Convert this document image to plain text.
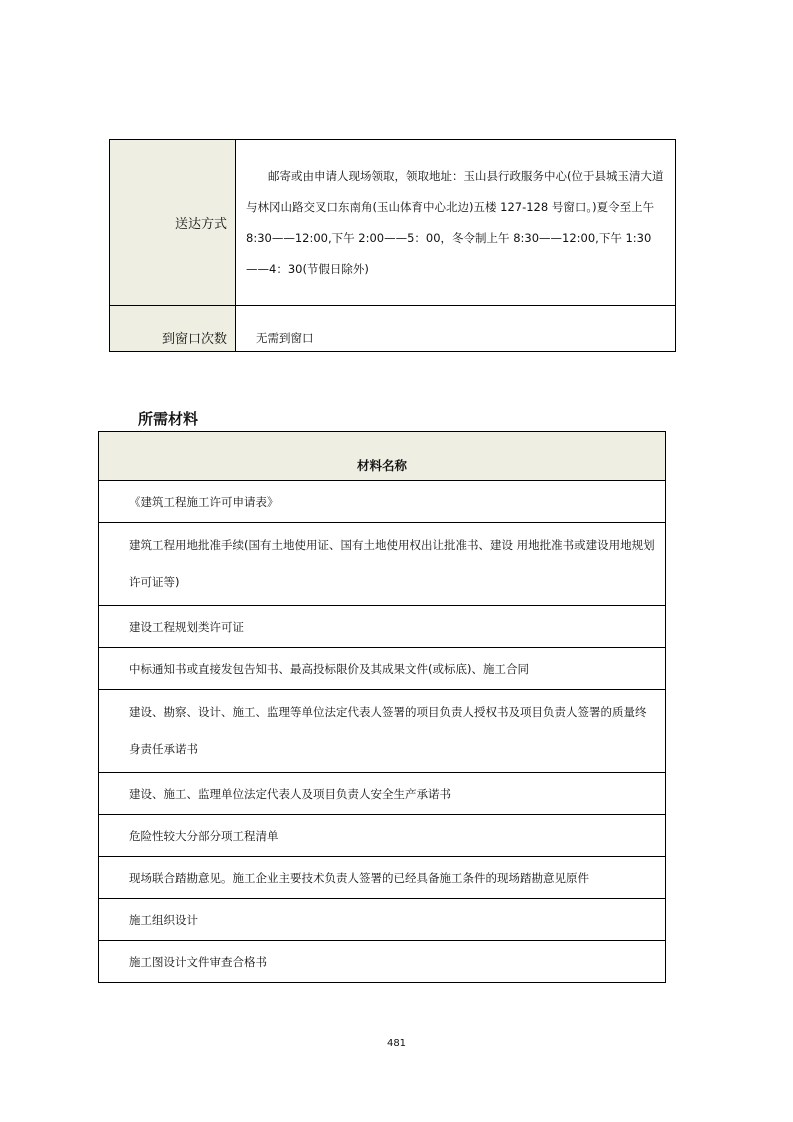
送达方式	邮寄或由申请人现场领取，领取地址：玉山县行政服务中心(位于县城玉清大道与林冈山路交叉口东南角(玉山体育中心北边)五楼 127-128 号窗口。)夏令至上午 8:30——12:00,下午 2:00——5：00，冬令制上午 8:30——12:00,下午 1:30——4：30(节假日除外)
到窗口次数	无需到窗口
所需材料
材料名称
《建筑工程施工许可申请表》
建筑工程用地批准手续(国有土地使用证、国有土地使用权出让批准书、建设 用地批准书或建设用地规划许可证等)
建设工程规划类许可证
中标通知书或直接发包告知书、最高投标限价及其成果文件(或标底)、施工合同
建设、勘察、设计、施工、监理等单位法定代表人签署的项目负责人授权书及项目负责人签署的质量终身责任承诺书
建设、施工、监理单位法定代表人及项目负责人安全生产承诺书
危险性较大分部分项工程清单
现场联合踏勘意见。施工企业主要技术负责人签署的已经具备施工条件的现场踏勘意见原件
施工组织设计
施工图设计文件审查合格书
481
